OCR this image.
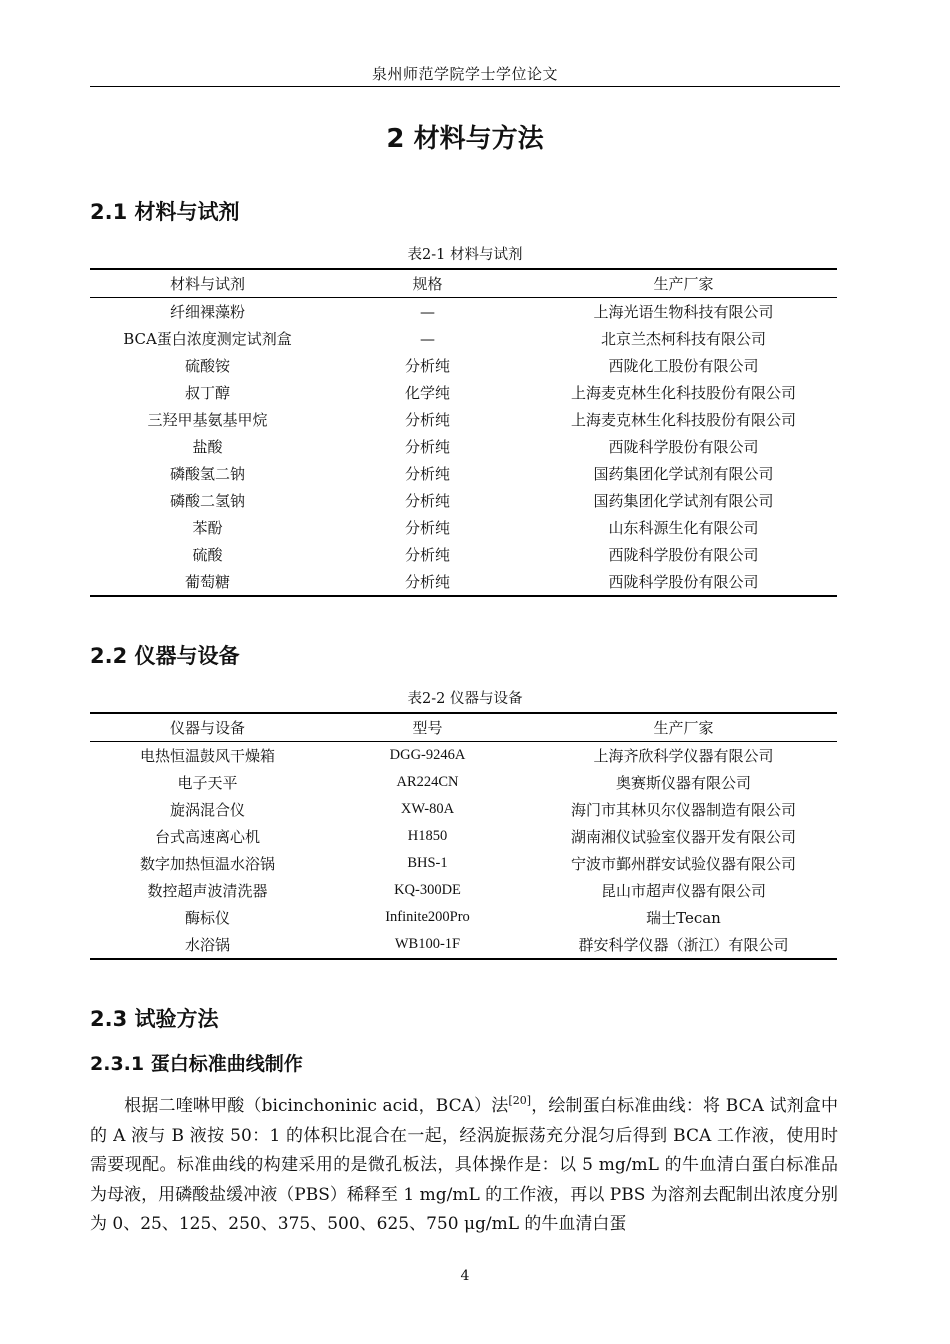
泉州师范学院学士学位论文
2 材料与方法
2.1 材料与试剂
表2-1 材料与试剂
材料与试剂	规格	生产厂家
纤细裸藻粉	—	上海光语生物科技有限公司
BCA蛋白浓度测定试剂盒	—	北京兰杰柯科技有限公司
硫酸铵	分析纯	西陇化工股份有限公司
叔丁醇	化学纯	上海麦克林生化科技股份有限公司
三羟甲基氨基甲烷	分析纯	上海麦克林生化科技股份有限公司
盐酸	分析纯	西陇科学股份有限公司
磷酸氢二钠	分析纯	国药集团化学试剂有限公司
磷酸二氢钠	分析纯	国药集团化学试剂有限公司
苯酚	分析纯	山东科源生化有限公司
硫酸	分析纯	西陇科学股份有限公司
葡萄糖	分析纯	西陇科学股份有限公司
2.2 仪器与设备
表2-2 仪器与设备
仪器与设备	型号	生产厂家
电热恒温鼓风干燥箱	DGG-9246A	上海齐欣科学仪器有限公司
电子天平	AR224CN	奥赛斯仪器有限公司
旋涡混合仪	XW-80A	海门市其林贝尔仪器制造有限公司
台式高速离心机	H1850	湖南湘仪试验室仪器开发有限公司
数字加热恒温水浴锅	BHS-1	宁波市鄞州群安试验仪器有限公司
数控超声波清洗器	KQ-300DE	昆山市超声仪器有限公司
酶标仪	Infinite200Pro	瑞士Tecan
水浴锅	WB100-1F	群安科学仪器（浙江）有限公司
2.3 试验方法
2.3.1 蛋白标准曲线制作
根据二喹啉甲酸（bicinchoninic acid，BCA）法[20]，绘制蛋白标准曲线：将 BCA 试剂盒中的 A 液与 B 液按 50：1 的体积比混合在一起，经涡旋振荡充分混匀后得到 BCA 工作液，使用时需要现配。标准曲线的构建采用的是微孔板法，具体操作是：以 5 mg/mL 的牛血清白蛋白标准品为母液，用磷酸盐缓冲液（PBS）稀释至 1 mg/mL 的工作液，再以 PBS 为溶剂去配制出浓度分别为 0、25、125、250、375、500、625、750 μg/mL 的牛血清白蛋
4
